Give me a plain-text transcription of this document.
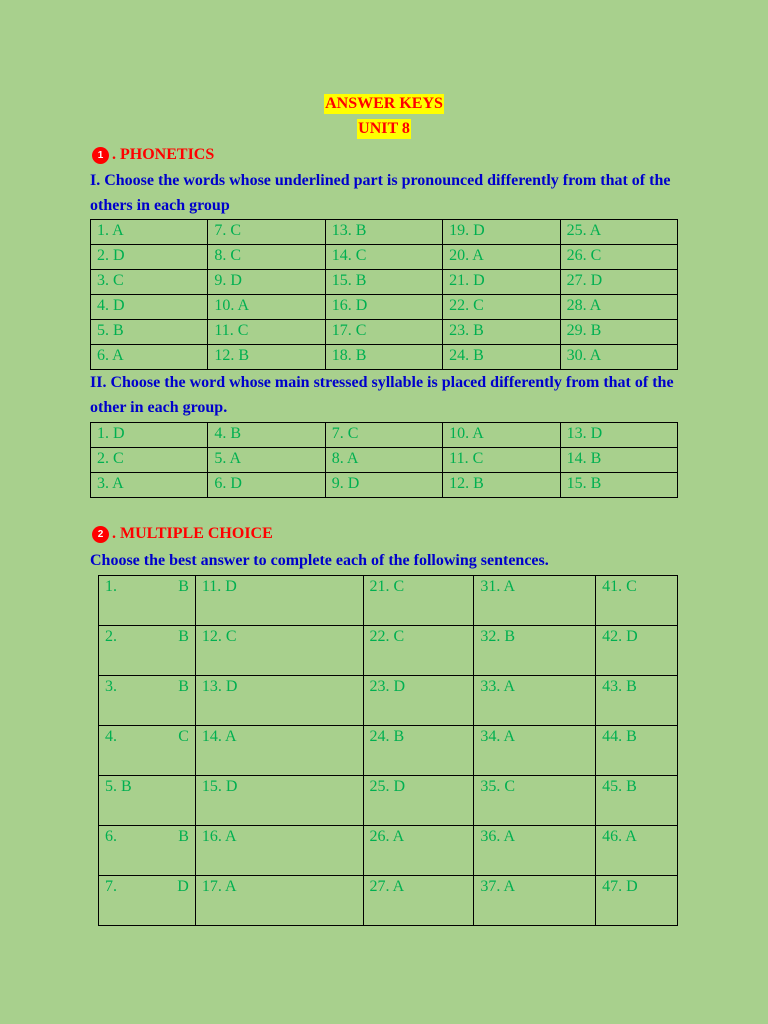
ANSWER KEYS
UNIT 8
1 . PHONETICS
I. Choose the words whose underlined part is pronounced differently from that of the others in each group
1. A	7. C	13. B	19. D	25. A
2. D	8. C	14. C	20. A	26. C
3. C	9. D	15. B	21. D	27. D
4. D	10. A	16. D	22. C	28. A
5. B	11. C	17. C	23. B	29. B
6. A	12. B	18. B	24. B	30. A
II. Choose the word whose main stressed syllable is placed differently from that of the other in each group.
1. D	4. B	7. C	10. A	13. D
2. C	5. A	8. A	11. C	14. B
3. A	6. D	9. D	12. B	15. B
2 . MULTIPLE CHOICE
Choose the best answer to complete each of the following sentences.
1. B	11. D	21. C	31. A	41. C

2. B	12. C	22. C	32. B	42. D

3. B	13. D	23. D	33. A	43. B

4. C	14. A	24. B	34. A	44. B

5. B	15. D	25. D	35. C	45. B

6. B	16. A	26. A	36. A	46. A

7. D	17. A	27. A	37. A	47. D
